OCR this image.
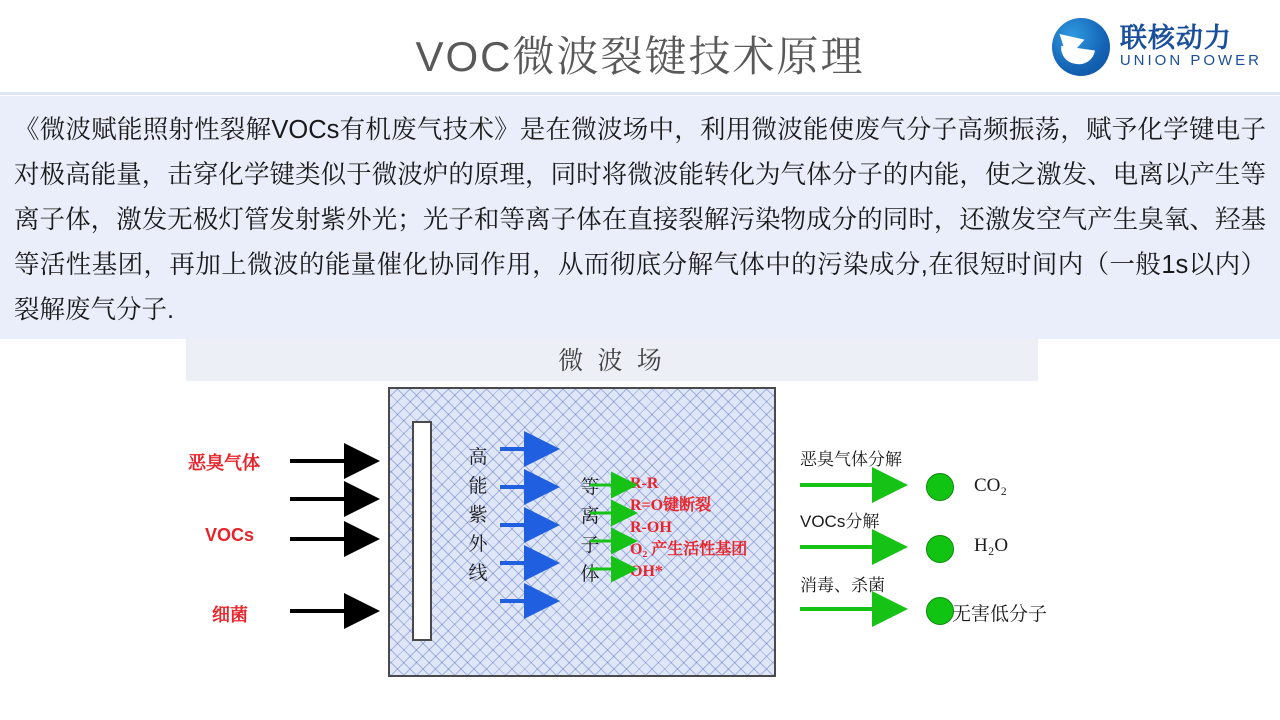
VOC微波裂键技术原理	联核动力
UNION POWER

《微波赋能照射性裂解VOCs有机废气技术》是在微波场中，利用微波能使废气分子高频振荡，赋予化学键电子对极高能量，击穿化学键类似于微波炉的原理，同时将微波能转化为气体分子的内能，使之激发、电离以产生等离子体，激发无极灯管发射紫外光；光子和等离子体在直接裂解污染物成分的同时，还激发空气产生臭氧、羟基等活性基团，再加上微波的能量催化协同作用，从而彻底分解气体中的污染成分,在很短时间内（一般1s以内）裂解废气分子.

微 波 场
高
能
紫
外
线
等
离
子
体
R-R
R=O键断裂
R-OH
O₂ 产生活性基团
OH*
恶臭气体
VOCs
细菌
恶臭气体分解
VOCs分解
消毒、杀菌
CO₂
H₂O
无害低分子
